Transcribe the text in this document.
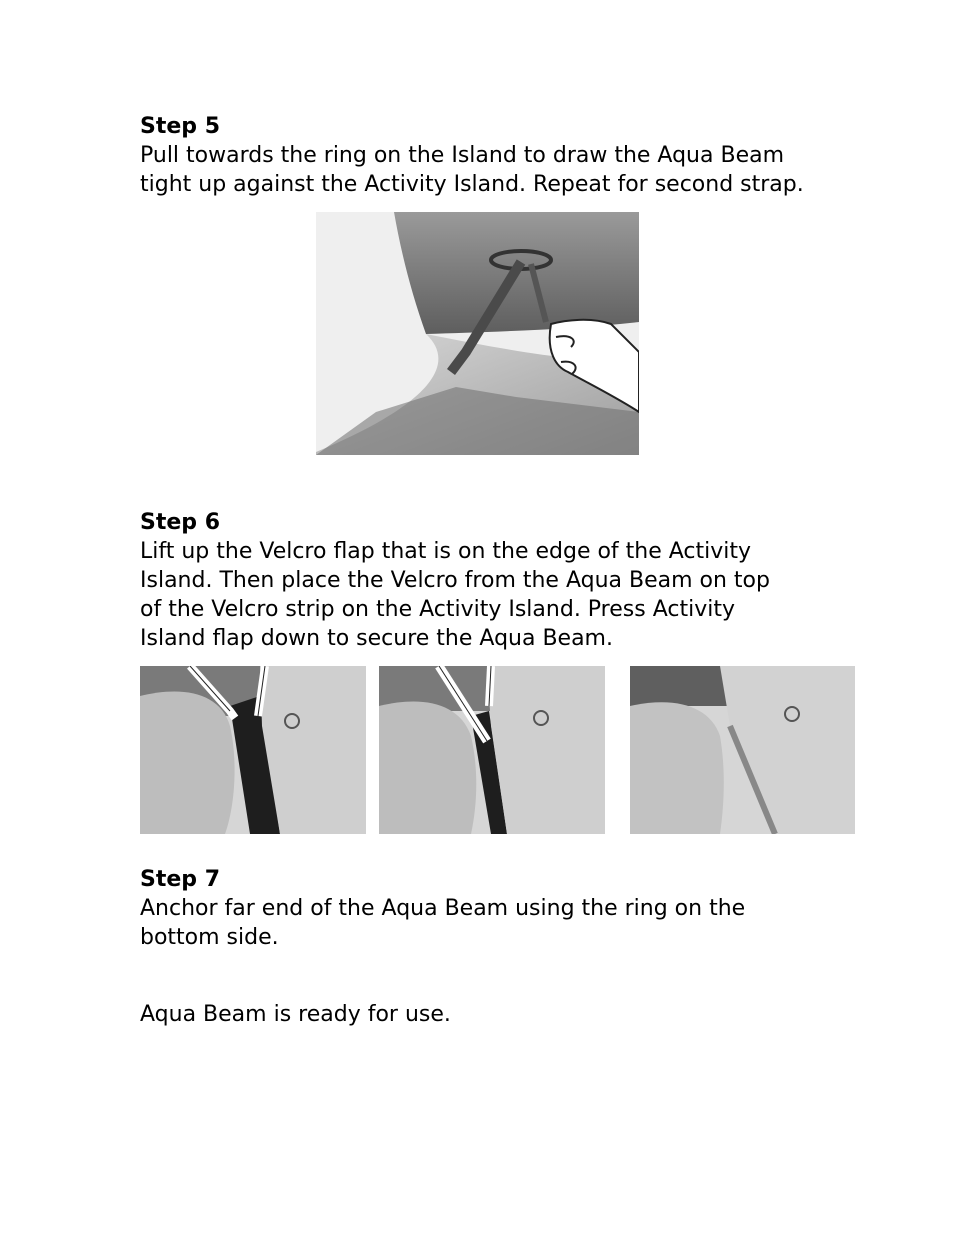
Step 5
Pull towards the ring on the Island to draw the Aqua Beam
tight up against the Activity Island. Repeat for second strap.
Step 6
Lift up the Velcro flap that is on the edge of the Activity
Island. Then place the Velcro from the Aqua Beam on top
of the Velcro strip on the Activity Island. Press Activity
Island flap down to secure the Aqua Beam.
Step 7
Anchor far end of the Aqua Beam using the ring on the
bottom side.
Aqua Beam is ready for use.
